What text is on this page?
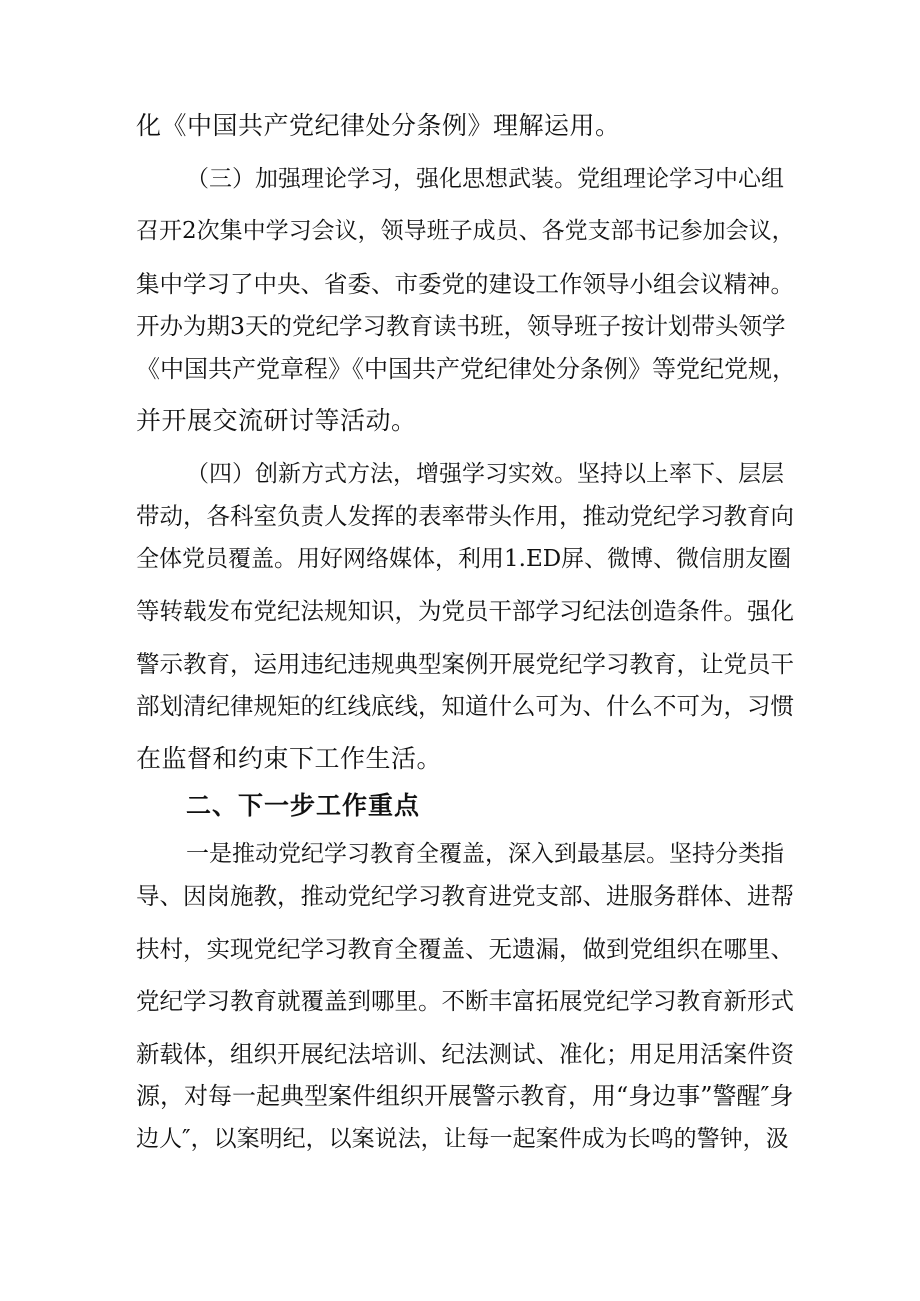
化《中国共产党纪律处分条例》理解运用。
（三）加强理论学习，强化思想武装。党组理论学习中心组
召开2次集中学习会议，领导班子成员、各党支部书记参加会议，
集中学习了中央、省委、市委党的建设工作领导小组会议精神。
开办为期3天的党纪学习教育读书班，领导班子按计划带头领学
《中国共产党章程》《中国共产党纪律处分条例》等党纪党规，
并开展交流研讨等活动。
（四）创新方式方法，增强学习实效。坚持以上率下、层层
带动，各科室负责人发挥的表率带头作用，推动党纪学习教育向
全体党员覆盖。用好网络媒体，利用1.ED屏、微博、微信朋友圈
等转载发布党纪法规知识，为党员干部学习纪法创造条件。强化
警示教育，运用违纪违规典型案例开展党纪学习教育，让党员干
部划清纪律规矩的红线底线，知道什么可为、什么不可为，习惯
在监督和约束下工作生活。
二、下一步工作重点
一是推动党纪学习教育全覆盖，深入到最基层。坚持分类指
导、因岗施教，推动党纪学习教育进党支部、进服务群体、进帮
扶村，实现党纪学习教育全覆盖、无遗漏，做到党组织在哪里、
党纪学习教育就覆盖到哪里。不断丰富拓展党纪学习教育新形式
新载体，组织开展纪法培训、纪法测试、准化；用足用活案件资
源，对每一起典型案件组织开展警示教育，用“身边事”警醒″身
边人″，以案明纪，以案说法，让每一起案件成为长鸣的警钟，汲
